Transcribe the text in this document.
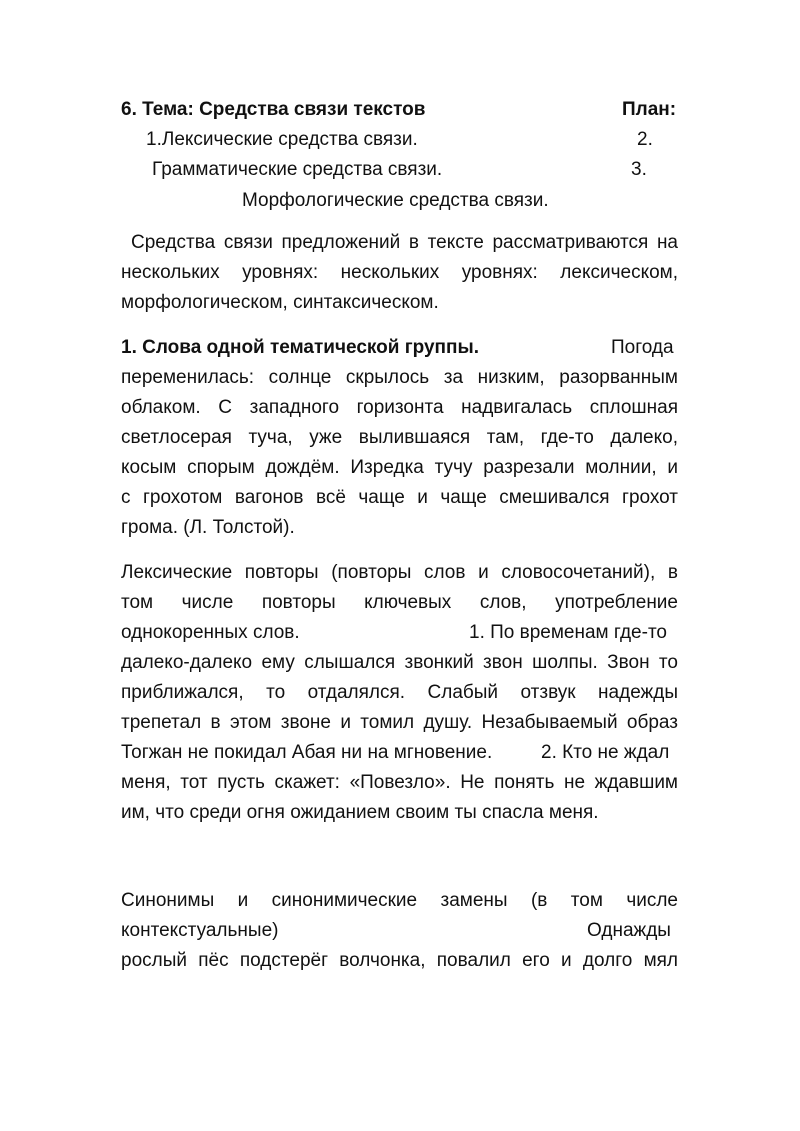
6. Тема: Средства связи текстов	План:
1.Лексические средства связи.	2.
Грамматические средства связи.	3.
Морфологические средства связи.
Средства связи предложений в тексте рассматриваются на
нескольких уровнях: нескольких уровнях: лексическом,
морфологическом, синтаксическом.
1. Слова одной тематической группы.	Погода
переменилась: солнце скрылось за низким, разорванным
облаком. С западного горизонта надвигалась сплошная
светлосерая туча, уже вылившаяся там, где-то далеко,
косым спорым дождём. Изредка тучу разрезали молнии, и
с грохотом вагонов всё чаще и чаще смешивался грохот
грома. (Л. Толстой).
Лексические повторы (повторы слов и словосочетаний), в
том числе повторы ключевых слов, употребление
однокоренных слов.	1. По временам где-то
далеко-далеко ему слышался звонкий звон шолпы. Звон то
приближался, то отдалялся. Слабый отзвук надежды
трепетал в этом звоне и томил душу. Незабываемый образ
Тогжан не покидал Абая ни на мгновение.	2. Кто не ждал
меня, тот пусть скажет: «Повезло». Не понять не ждавшим
им, что среди огня ожиданием своим ты спасла меня.
Синонимы и синонимические замены (в том числе
контекстуальные)	Однажды
рослый пёс подстерёг волчонка, повалил его и долго мял
